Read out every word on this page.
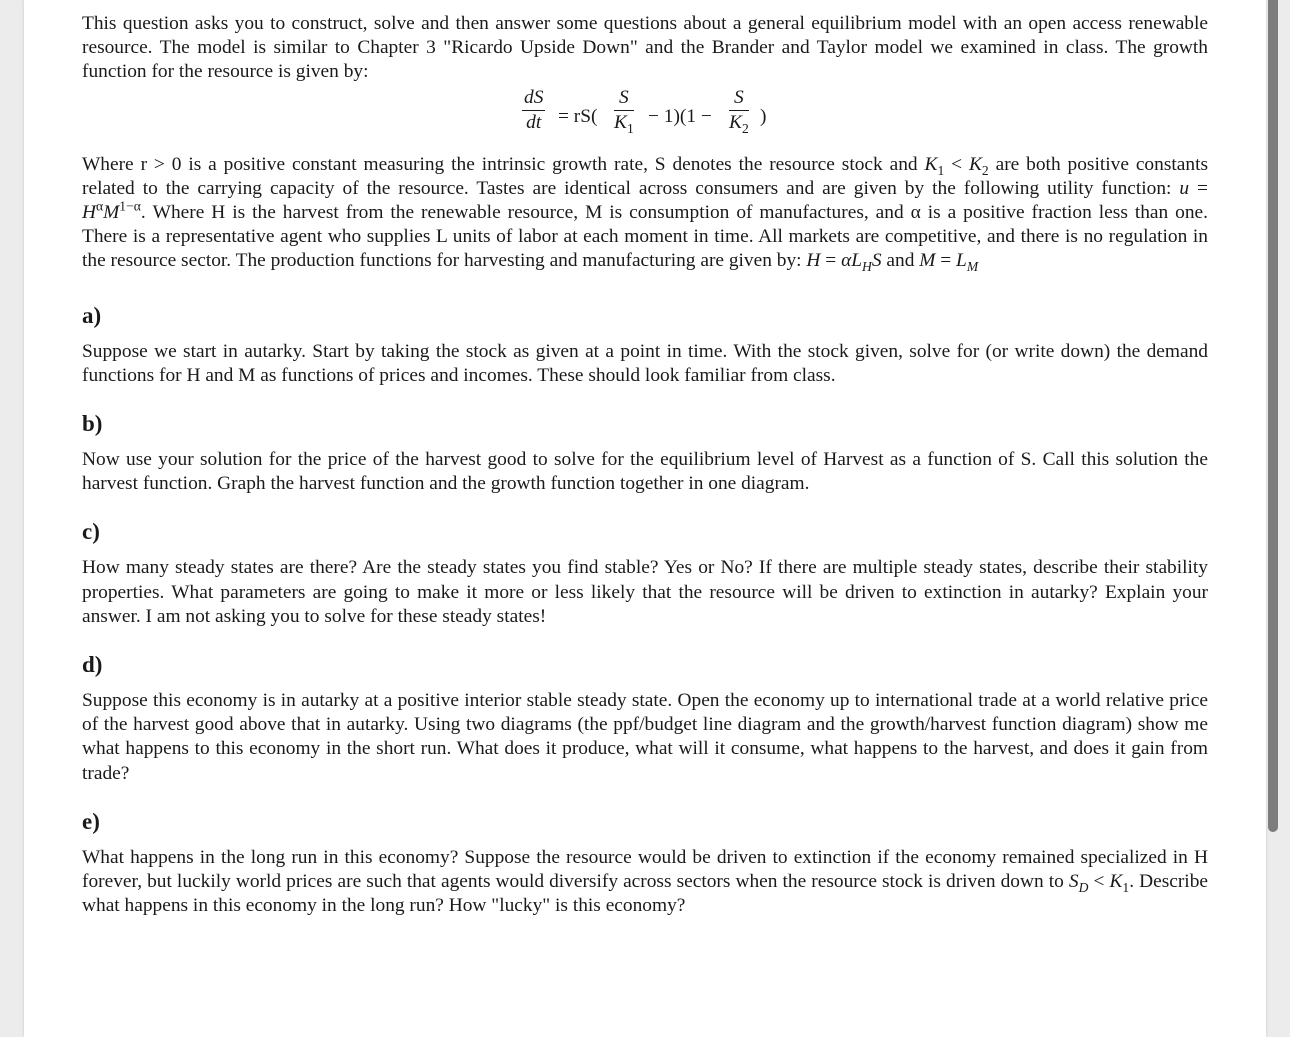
This question asks you to construct, solve and then answer some questions about a general equilibrium model with an open access renewable resource. The model is similar to Chapter 3 "Ricardo Upside Down" and the Brander and Taylor model we examined in class. The growth function for the resource is given by:

$\frac{dS}{dt} = rS( \frac{S}{K_1} - 1)(1 - \frac{S}{K_2}$ )

Where r > 0 is a positive constant measuring the intrinsic growth rate, S denotes the resource stock and $K_1 < K_2$ are both positive constants related to the carrying capacity of the resource. Tastes are identical across consumers and are given by the following utility function: $u = H^\alpha M^{1-\alpha}$. Where H is the harvest from the renewable resource, M is consumption of manufactures, and α is a positive fraction less than one. There is a representative agent who supplies L units of labor at each moment in time. All markets are competitive, and there is no regulation in the resource sector. The production functions for harvesting and manufacturing are given by: $H = \alpha L_HS$ and $M = L_M$

a)

Suppose we start in autarky. Start by taking the stock as given at a point in time. With the stock given, solve for (or write down) the demand functions for H and M as functions of prices and incomes. These should look familiar from class.

b)

Now use your solution for the price of the harvest good to solve for the equilibrium level of Harvest as a function of S. Call this solution the harvest function. Graph the harvest function and the growth function together in one diagram.

c)

How many steady states are there? Are the steady states you find stable? Yes or No? If there are multiple steady states, describe their stability properties. What parameters are going to make it more or less likely that the resource will be driven to extinction in autarky? Explain your answer. I am not asking you to solve for these steady states!

d)

Suppose this economy is in autarky at a positive interior stable steady state. Open the economy up to international trade at a world relative price of the harvest good above that in autarky. Using two diagrams (the ppf/budget line diagram and the growth/harvest function diagram) show me what happens to this economy in the short run. What does it produce, what will it consume, what happens to the harvest, and does it gain from trade?

e)

What happens in the long run in this economy? Suppose the resource would be driven to extinction if the economy remained specialized in H forever, but luckily world prices are such that agents would diversify across sectors when the resource stock is driven down to $S_D < K_1$. Describe what happens in this economy in the long run? How "lucky" is this economy?
